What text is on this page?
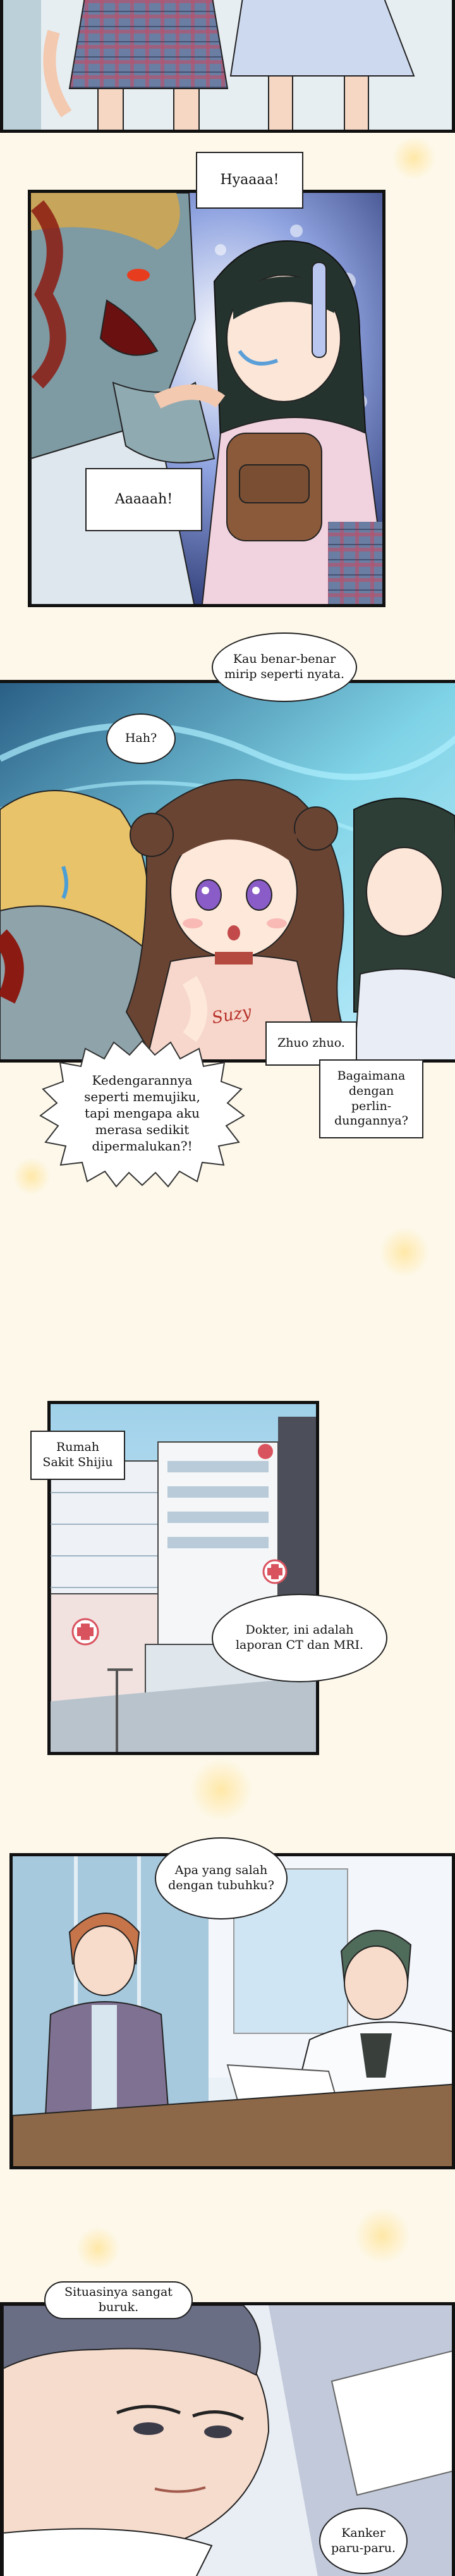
Hyaaaa!
Aaaaah!
Suzy
Kau benar-benar mirip seperti nyata.
Hah?
Zhuo zhuo.
Bagaimana dengan perlin-dungannya?
Kedengarannya seperti memujiku, tapi mengapa aku merasa sedikit dipermalukan?!
Rumah Sakit Shijiu
Dokter, ini adalah laporan CT dan MRI.
Apa yang salah dengan tubuhku?
Situasinya sangat buruk.
Kanker paru-paru.
